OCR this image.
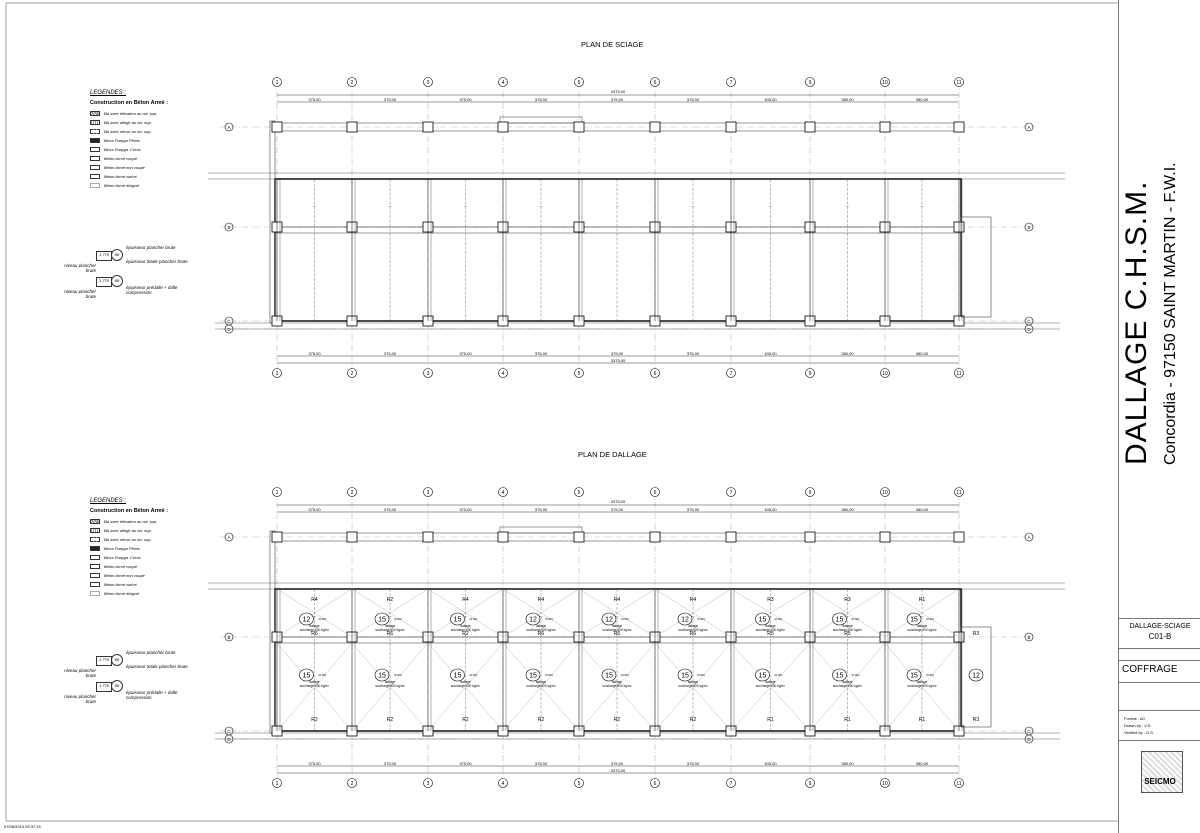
1
1
2
2
3
3
4
4
5
5
6
6
7
7
9
9
10
10
11
11
A	A
B	B
C	C
D	D
3375,00
3375,00
375,00
375,00
375,00
375,00
375,00
375,00
375,00
375,00
375,00
375,00
375,00
375,00
405,00
405,00
380,00
380,00
380,00
380,00
---	---	---	---	---	---	---	---	---
1
1
2
2
3
3
4
4
5
5
6
6
7
7
9
9
10
10
11
11
A	A
B	B
C	C
D	D
3375,00
3375,00
375,00
375,00
375,00
375,00
375,00
375,00
375,00
375,00
375,00
375,00
375,00
375,00
405,00
405,00
380,00
380,00
380,00
380,00
---	---	---	---	---	---	---	---	---
R4
R6
R2
12	(0.60)
dallage
surcharge 500 kg/m²
15	(0.60)
dallage
surcharge 500 kg/m²
R2
R6
R2
15	(0.60)
dallage
surcharge 500 kg/m²
15	(0.60)
dallage
surcharge 500 kg/m²
R4
R2
R2
15	(0.60)
dallage
surcharge 500 kg/m²
15	(0.60)
dallage
surcharge 500 kg/m²
R4
R6
R2
12	(0.60)
dallage
surcharge 500 kg/m²
15	(0.60)
dallage
surcharge 500 kg/m²
R4
R6
R2
12	(0.60)
dallage
surcharge 500 kg/m²
15	(0.60)
dallage
surcharge 500 kg/m²
R4
R6
R2
12	(0.60)
dallage
surcharge 500 kg/m²
15	(0.60)
dallage
surcharge 500 kg/m²
R3
R5
R1
15	(0.60)
dallage
surcharge 500 kg/m²
15	(0.60)
dallage
surcharge 500 kg/m²
R3
R5
R1
15	(0.60)
dallage
surcharge 500 kg/m²
15	(0.60)
dallage
surcharge 500 kg/m²
R1
R1
15	(0.60)
dallage
surcharge 500 kg/m²
15	(0.60)
dallage
surcharge 500 kg/m²
12
R3
R3
PLAN DE SCIAGE
PLAN DE DALLAGE
LEGENDES :
Construction en Béton Armé :
BA avec élévation au niv. sup.
BA avec allège au niv. sup.
BA avec retour au niv. sup.
Blocs Parpga Pleins
Blocs Parpga. Creux
Béton Armé coupé
Béton Armé non coupé
Béton Armé caché
Béton Armé éloigné
LEGENDES :
Construction en Béton Armé :
BA avec élévation au niv. sup.
BA avec allège au niv. sup.
BA avec retour au niv. sup.
Blocs Parpga Pleins
Blocs Parpga. Creux
Béton Armé coupé
Béton Armé non coupé
Béton Armé caché
Béton Armé éloigné
1.770	88
épaisseur plancher brute
épaisseur totale plancher brute
niveau plancher brute
1.770	88
niveau plancher brute
épaisseur prédalle + dalle compression
1.770	88
épaisseur plancher brute
épaisseur totale plancher brute
niveau plancher brute
1.770	88
niveau plancher brute
épaisseur prédalle + dalle compression
DALLAGE C.H.S.M. Concordia - 97150 SAINT MARTIN - F.W.I.
DALLAGE-SCIAGE
C01-B
COFFRAGE
Format : A0
Drawn by : V.S.
Verified by : G.S.
SEICMO
07/08/2013 09:37:15
